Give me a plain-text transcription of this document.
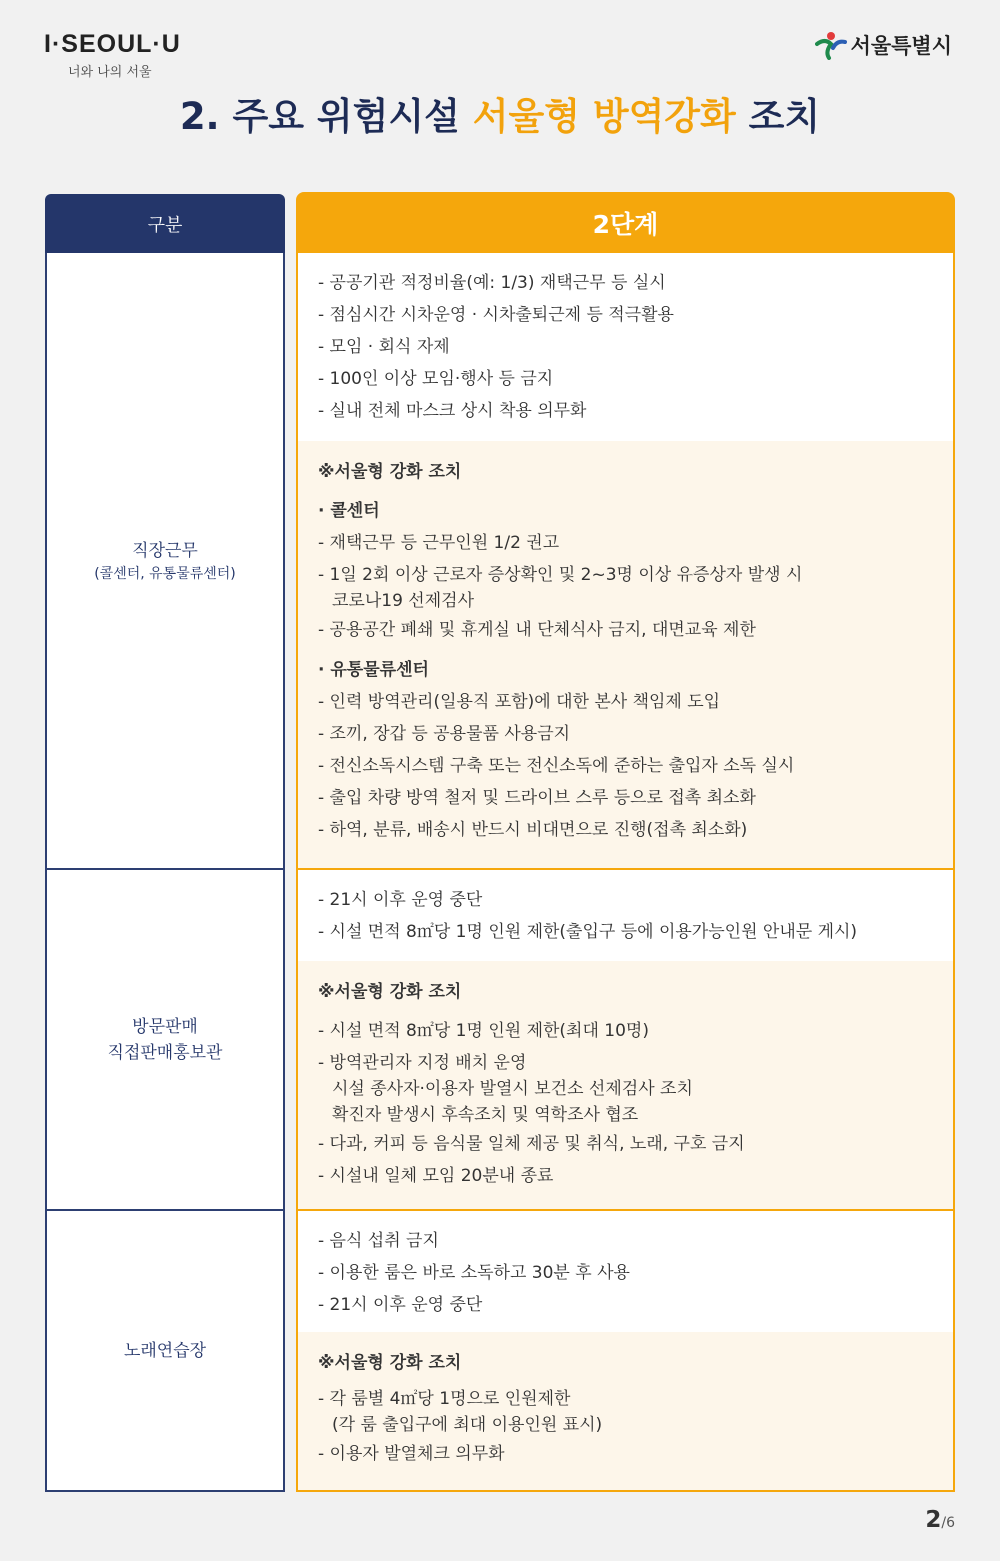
I·SEOUL·U
너와 나의 서울
서울특별시
2. 주요 위험시설 서울형 방역강화 조치
구분
직장근무
(콜센터, 유통물류센터)
방문판매
직접판매홍보관
노래연습장
2단계
- 공공기관 적정비율(예: 1/3) 재택근무 등 실시
- 점심시간 시차운영 · 시차출퇴근제 등 적극활용
- 모임 · 회식 자제
- 100인 이상 모임·행사 등 금지
- 실내 전체 마스크 상시 착용 의무화
※서울형 강화 조치
· 콜센터
- 재택근무 등 근무인원 1/2 권고
- 1일 2회 이상 근로자 증상확인 및 2~3명 이상 유증상자 발생 시
코로나19 선제검사
- 공용공간 폐쇄 및 휴게실 내 단체식사 금지, 대면교육 제한
· 유통물류센터
- 인력 방역관리(일용직 포함)에 대한 본사 책임제 도입
- 조끼, 장갑 등 공용물품 사용금지
- 전신소독시스템 구축 또는 전신소독에 준하는 출입자 소독 실시
- 출입 차량 방역 철저 및 드라이브 스루 등으로 접촉 최소화
- 하역, 분류, 배송시 반드시 비대면으로 진행(접촉 최소화)
- 21시 이후 운영 중단
- 시설 면적 8㎡당 1명 인원 제한(출입구 등에 이용가능인원 안내문 게시)
※서울형 강화 조치
- 시설 면적 8㎡당 1명 인원 제한(최대 10명)
- 방역관리자 지정 배치 운영
시설 종사자·이용자 발열시 보건소 선제검사 조치
확진자 발생시 후속조치 및 역학조사 협조
- 다과, 커피 등 음식물 일체 제공 및 취식, 노래, 구호 금지
- 시설내 일체 모임 20분내 종료
- 음식 섭취 금지
- 이용한 룸은 바로 소독하고 30분 후 사용
- 21시 이후 운영 중단
※서울형 강화 조치
- 각 룸별 4㎡당 1명으로 인원제한
(각 룸 출입구에 최대 이용인원 표시)
- 이용자 발열체크 의무화
2/6
